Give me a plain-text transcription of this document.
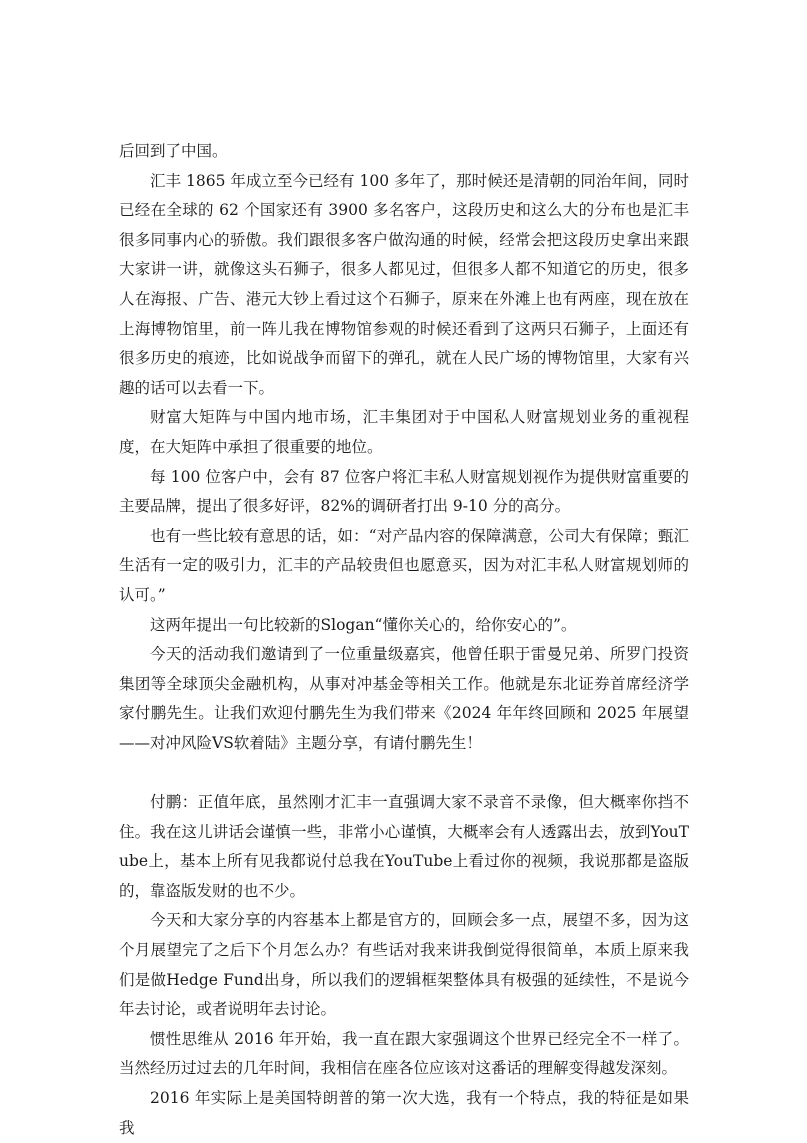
后回到了中国。

汇丰 1865 年成立至今已经有 100 多年了，那时候还是清朝的同治年间，同时已经在全球的 62 个国家还有 3900 多名客户，这段历史和这么大的分布也是汇丰很多同事内心的骄傲。我们跟很多客户做沟通的时候，经常会把这段历史拿出来跟大家讲一讲，就像这头石狮子，很多人都见过，但很多人都不知道它的历史，很多人在海报、广告、港元大钞上看过这个石狮子，原来在外滩上也有两座，现在放在上海博物馆里，前一阵儿我在博物馆参观的时候还看到了这两只石狮子，上面还有很多历史的痕迹，比如说战争而留下的弹孔，就在人民广场的博物馆里，大家有兴趣的话可以去看一下。

财富大矩阵与中国内地市场，汇丰集团对于中国私人财富规划业务的重视程度，在大矩阵中承担了很重要的地位。

每 100 位客户中，会有 87 位客户将汇丰私人财富规划视作为提供财富重要的主要品牌，提出了很多好评，82%的调研者打出 9-10 分的高分。

也有一些比较有意思的话，如：“对产品内容的保障满意，公司大有保障；甄汇生活有一定的吸引力，汇丰的产品较贵但也愿意买，因为对汇丰私人财富规划师的认可。”

这两年提出一句比较新的Slogan“懂你关心的，给你安心的”。

今天的活动我们邀请到了一位重量级嘉宾，他曾任职于雷曼兄弟、所罗门投资集团等全球顶尖金融机构，从事对冲基金等相关工作。他就是东北证券首席经济学家付鹏先生。让我们欢迎付鹏先生为我们带来《2024 年年终回顾和 2025 年展望——对冲风险VS软着陆》主题分享，有请付鹏先生！

付鹏：正值年底，虽然刚才汇丰一直强调大家不录音不录像，但大概率你挡不住。我在这儿讲话会谨慎一些，非常小心谨慎，大概率会有人透露出去，放到YouTube上，基本上所有见我都说付总我在YouTube上看过你的视频，我说那都是盗版的，靠盗版发财的也不少。

今天和大家分享的内容基本上都是官方的，回顾会多一点，展望不多，因为这个月展望完了之后下个月怎么办？有些话对我来讲我倒觉得很简单，本质上原来我们是做Hedge Fund出身，所以我们的逻辑框架整体具有极强的延续性，不是说今年去讨论，或者说明年去讨论。

惯性思维从 2016 年开始，我一直在跟大家强调这个世界已经完全不一样了。当然经历过过去的几年时间，我相信在座各位应该对这番话的理解变得越发深刻。

2016 年实际上是美国特朗普的第一次大选，我有一个特点，我的特征是如果我
